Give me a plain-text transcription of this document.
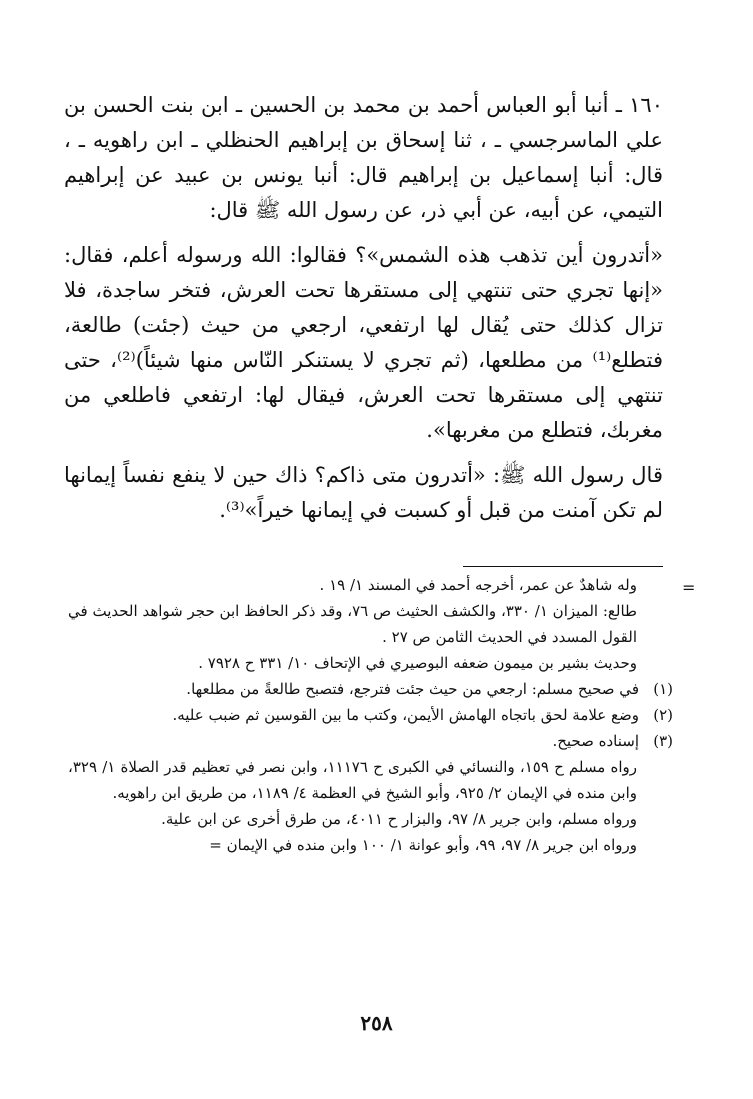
١٦٠ ـ أنبا أبو العباس أحمد بن محمد بن الحسين ـ ابن بنت الحسن بن علي الماسرجسي ـ ، ثنا إسحاق بن إبراهيم الحنظلي ـ ابن راهويه ـ ، قال: أنبا إسماعيل بن إبراهيم قال: أنبا يونس بن عبيد عن إبراهيم التيمي، عن أبيه، عن أبي ذر، عن رسول الله ﷺ قال:

«أتدرون أين تذهب هذه الشمس»؟ فقالوا: الله ورسوله أعلم، فقال: «إنها تجري حتى تنتهي إلى مستقرها تحت العرش، فتخر ساجدة، فلا تزال كذلك حتى يُقال لها ارتفعي، ارجعي من حيث (جئت) طالعة، فتطلع⁽¹⁾ من مطلعها، (ثم تجري لا يستنكر النّاس منها شيئاً)⁽²⁾، حتى تنتهي إلى مستقرها تحت العرش، فيقال لها: ارتفعي فاطلعي من مغربك، فتطلع من مغربها».

قال رسول الله ﷺ: «أتدرون متى ذاكم؟ ذاك حين لا ينفع نفساً إيمانها لم تكن آمنت من قبل أو كسبت في إيمانها خيراً»⁽³⁾.

=

وله شاهدٌ عن عمر، أخرجه أحمد في المسند ١/ ١٩ .

طالع: الميزان ١/ ٣٣٠، والكشف الحثيث ص ٧٦، وقد ذكر الحافظ ابن حجر شواهد الحديث في القول المسدد في الحديث الثامن ص ٢٧ .

وحديث بشير بن ميمون ضعفه البوصيري في الإتحاف ١٠/ ٣٣١ ح ٧٩٢٨ .

(١)في صحيح مسلم: ارجعي من حيث جئت فترجع، فتصبح طالعةً من مطلعها.

(٢)وضع علامة لحق باتجاه الهامش الأيمن، وكتب ما بين القوسين ثم ضبب عليه.

(٣)إسناده صحيح.

رواه مسلم ح ١٥٩، والنسائي في الكبرى ح ١١١٧٦، وابن نصر في تعظيم قدر الصلاة ١/ ٣٢٩، وابن منده في الإيمان ٢/ ٩٢٥، وأبو الشيخ في العظمة ٤/ ١١٨٩، من طريق ابن راهويه.

ورواه مسلم، وابن جرير ٨/ ٩٧، والبزار ح ٤٠١١، من طرق أخرى عن ابن علية.

ورواه ابن جرير ٨/ ٩٧، ٩٩، وأبو عوانة ١/ ١٠٠ وابن منده في الإيمان =

٢٥٨
